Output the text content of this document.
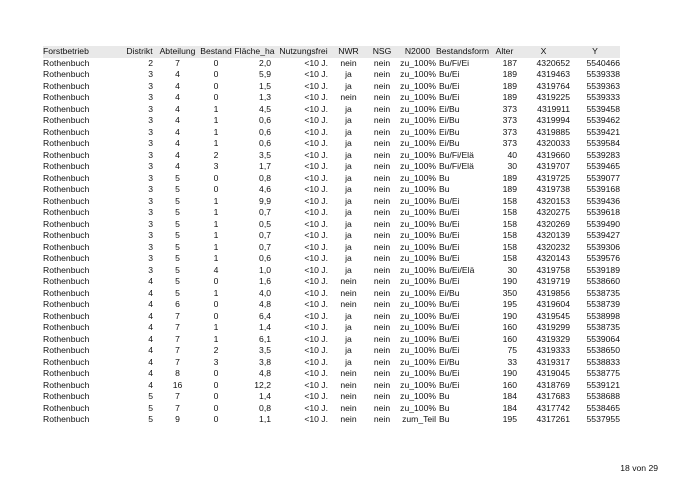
Forstbetrieb	Distrikt	Abteilung	Bestand	Fläche_ha	Nutzungsfrei	NWR	NSG	N2000	Bestandsform	Alter	X	Y
Rothenbuch	2	7	0	2,0	<10 J.	nein	nein	zu_100%	Bu/Fi/Ei	187	4320652	5540466
Rothenbuch	3	4	0	5,9	<10 J.	ja	nein	zu_100%	Bu/Ei	189	4319463	5539338
Rothenbuch	3	4	0	1,5	<10 J.	ja	nein	zu_100%	Bu/Ei	189	4319764	5539363
Rothenbuch	3	4	0	1,3	<10 J.	nein	nein	zu_100%	Bu/Ei	189	4319225	5539333
Rothenbuch	3	4	1	4,5	<10 J.	ja	nein	zu_100%	Ei/Bu	373	4319911	5539458
Rothenbuch	3	4	1	0,6	<10 J.	ja	nein	zu_100%	Ei/Bu	373	4319994	5539462
Rothenbuch	3	4	1	0,6	<10 J.	ja	nein	zu_100%	Ei/Bu	373	4319885	5539421
Rothenbuch	3	4	1	0,6	<10 J.	ja	nein	zu_100%	Ei/Bu	373	4320033	5539584
Rothenbuch	3	4	2	3,5	<10 J.	ja	nein	zu_100%	Bu/Fi/Elä	40	4319660	5539283
Rothenbuch	3	4	3	1,7	<10 J.	ja	nein	zu_100%	Bu/Fi/Elä	30	4319707	5539465
Rothenbuch	3	5	0	0,8	<10 J.	ja	nein	zu_100%	Bu	189	4319725	5539077
Rothenbuch	3	5	0	4,6	<10 J.	ja	nein	zu_100%	Bu	189	4319738	5539168
Rothenbuch	3	5	1	9,9	<10 J.	ja	nein	zu_100%	Bu/Ei	158	4320153	5539436
Rothenbuch	3	5	1	0,7	<10 J.	ja	nein	zu_100%	Bu/Ei	158	4320275	5539618
Rothenbuch	3	5	1	0,5	<10 J.	ja	nein	zu_100%	Bu/Ei	158	4320269	5539490
Rothenbuch	3	5	1	0,7	<10 J.	ja	nein	zu_100%	Bu/Ei	158	4320139	5539427
Rothenbuch	3	5	1	0,7	<10 J.	ja	nein	zu_100%	Bu/Ei	158	4320232	5539306
Rothenbuch	3	5	1	0,6	<10 J.	ja	nein	zu_100%	Bu/Ei	158	4320143	5539576
Rothenbuch	3	5	4	1,0	<10 J.	ja	nein	zu_100%	Bu/Ei/Elä	30	4319758	5539189
Rothenbuch	4	5	0	1,6	<10 J.	nein	nein	zu_100%	Bu/Ei	190	4319719	5538660
Rothenbuch	4	5	1	4,0	<10 J.	nein	nein	zu_100%	Ei/Bu	350	4319856	5538735
Rothenbuch	4	6	0	4,8	<10 J.	nein	nein	zu_100%	Bu/Ei	195	4319604	5538739
Rothenbuch	4	7	0	6,4	<10 J.	ja	nein	zu_100%	Bu/Ei	190	4319545	5538998
Rothenbuch	4	7	1	1,4	<10 J.	ja	nein	zu_100%	Bu/Ei	160	4319299	5538735
Rothenbuch	4	7	1	6,1	<10 J.	ja	nein	zu_100%	Bu/Ei	160	4319329	5539064
Rothenbuch	4	7	2	3,5	<10 J.	ja	nein	zu_100%	Bu/Ei	75	4319333	5538650
Rothenbuch	4	7	3	3,8	<10 J.	ja	nein	zu_100%	Ei/Bu	33	4319317	5538833
Rothenbuch	4	8	0	4,8	<10 J.	nein	nein	zu_100%	Bu/Ei	190	4319045	5538775
Rothenbuch	4	16	0	12,2	<10 J.	nein	nein	zu_100%	Bu/Ei	160	4318769	5539121
Rothenbuch	5	7	0	1,4	<10 J.	nein	nein	zu_100%	Bu	184	4317683	5538688
Rothenbuch	5	7	0	0,8	<10 J.	nein	nein	zu_100%	Bu	184	4317742	5538465
Rothenbuch	5	9	0	1,1	<10 J.	nein	nein	zum_Teil	Bu	195	4317261	5537955
18 von 29
